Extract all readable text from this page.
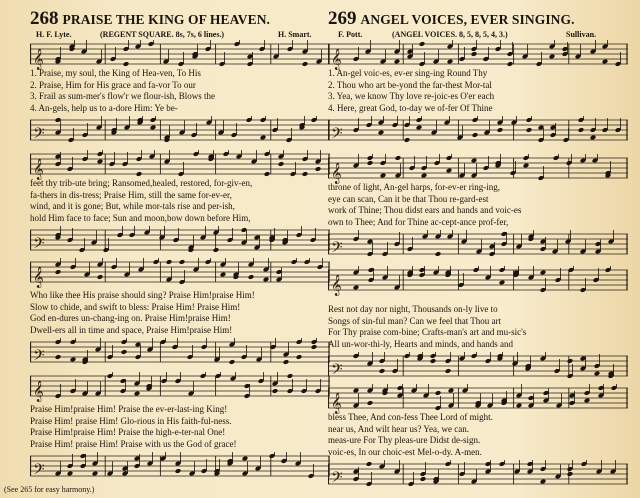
268 PRAISE THE KING OF HEAVEN.
H. F. Lyte.	(REGENT SQUARE. 8s, 7s, 6 lines.)	H. Smart.
𝄞
1. Praise, my soul, the King of Hea-ven, To His
2. Praise, Him for His grace and fa-vor To our
3. Frail as sum-mer's flow'r we flour-ish, Blows the
4. An-gels, help us to a-dore Him: Ye be-
𝄢
𝄞
feet thy trib-ute bring; Ransomed,healed, restored, for-giv-en,
fa-thers in dis-tress; Praise Him, still the same for-ev-er,
wind, and it is gone; But, while mor-tals rise and per-ish,
hold Him face to face; Sun and moon,bow down before Him,
𝄢
𝄞
Who like thee His praise should sing? Praise Him!praise Him!
Slow to chide, and swift to bless: Praise Him! Praise Him!
God en-dures un-chang-ing on. Praise Him!praise Him!
Dwell-ers all in time and space, Praise Him!praise Him!
𝄢
𝄞
Praise Him!praise Him! Praise the ev-er-last-ing King!
Praise Him! praise Him! Glo-rious in His faith-ful-ness.
Praise Him!praise Him! Praise the high-e-ter-nal One!
Praise Him! praise Him! Praise with us the God of grace!
𝄢
269 ANGEL VOICES, EVER SINGING.
F. Pott.	(ANGEL VOICES. 8, 5, 8, 5, 4, 3.)	Sullivan.
𝄞
1. An-gel voic-es, ev-er sing-ing Round Thy
2. Thou who art be-yond the far-thest Mor-tal
3. Yea, we know Thy love re-joic-es O'er each
4. Here, great God, to-day we of-fer Of Thine
𝄢
𝄞
throne of light, An-gel harps, for-ev-er ring-ing,
eye can scan, Can it be that Thou re-gard-est
work of Thine; Thou didst ears and hands and voic-es
own to Thee; And for Thine ac-cept-ance prof-fer,
𝄢
𝄞
Rest not day nor night, Thousands on-ly live to
Songs of sin-ful man? Can we feel that Thou art
For Thy praise com-bine; Crafts-man's art and mu-sic's
All un-wor-thi-ly, Hearts and minds, and hands and
𝄢
𝄞
bless Thee, And con-fess Thee Lord of might.
near us, And wilt hear us? Yea, we can.
meas-ure For Thy pleas-ure Didst de-sign.
voic-es, In our choic-est Mel-o-dy. A-men.
𝄢
(See 265 for easy harmony.)
